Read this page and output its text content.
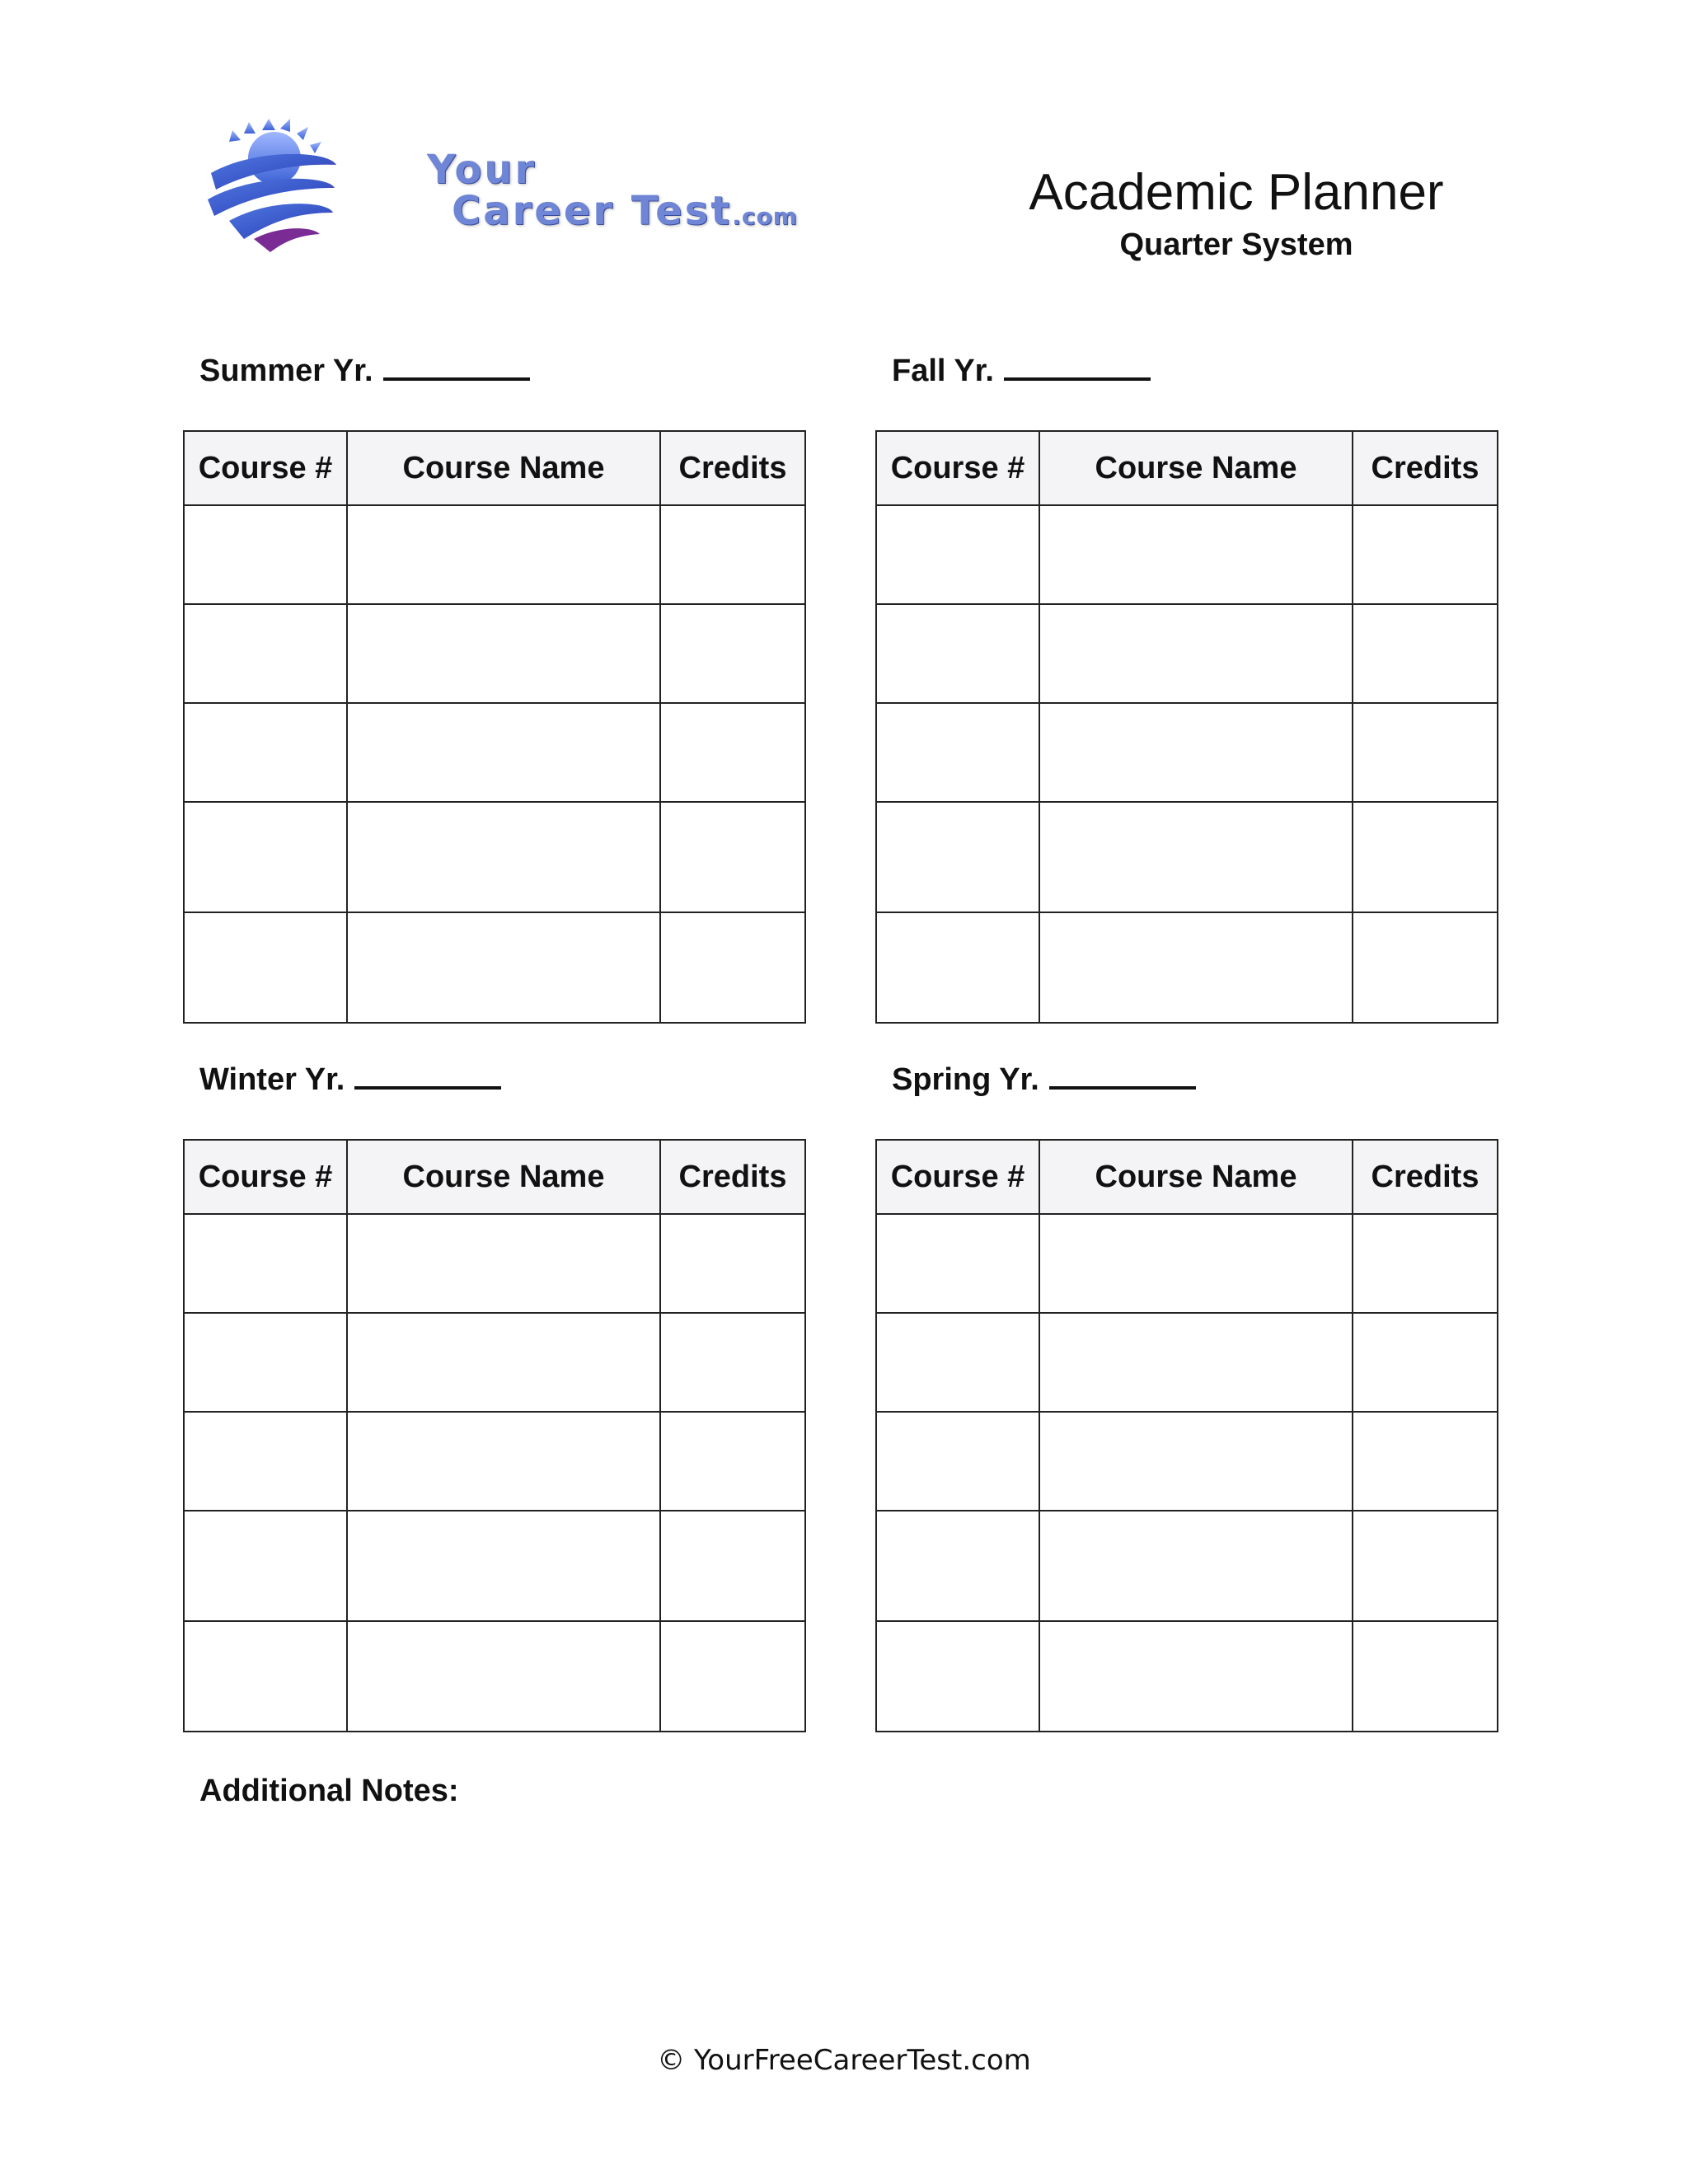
Your
Career Test.com	Academic Planner
Quarter System
Summer Yr.
Course #	Course Name	Credits

Fall Yr.
Course #	Course Name	Credits

Winter Yr.
Course #	Course Name	Credits

Spring Yr.
Course #	Course Name	Credits

Additional Notes:
© YourFreeCareerTest.com
